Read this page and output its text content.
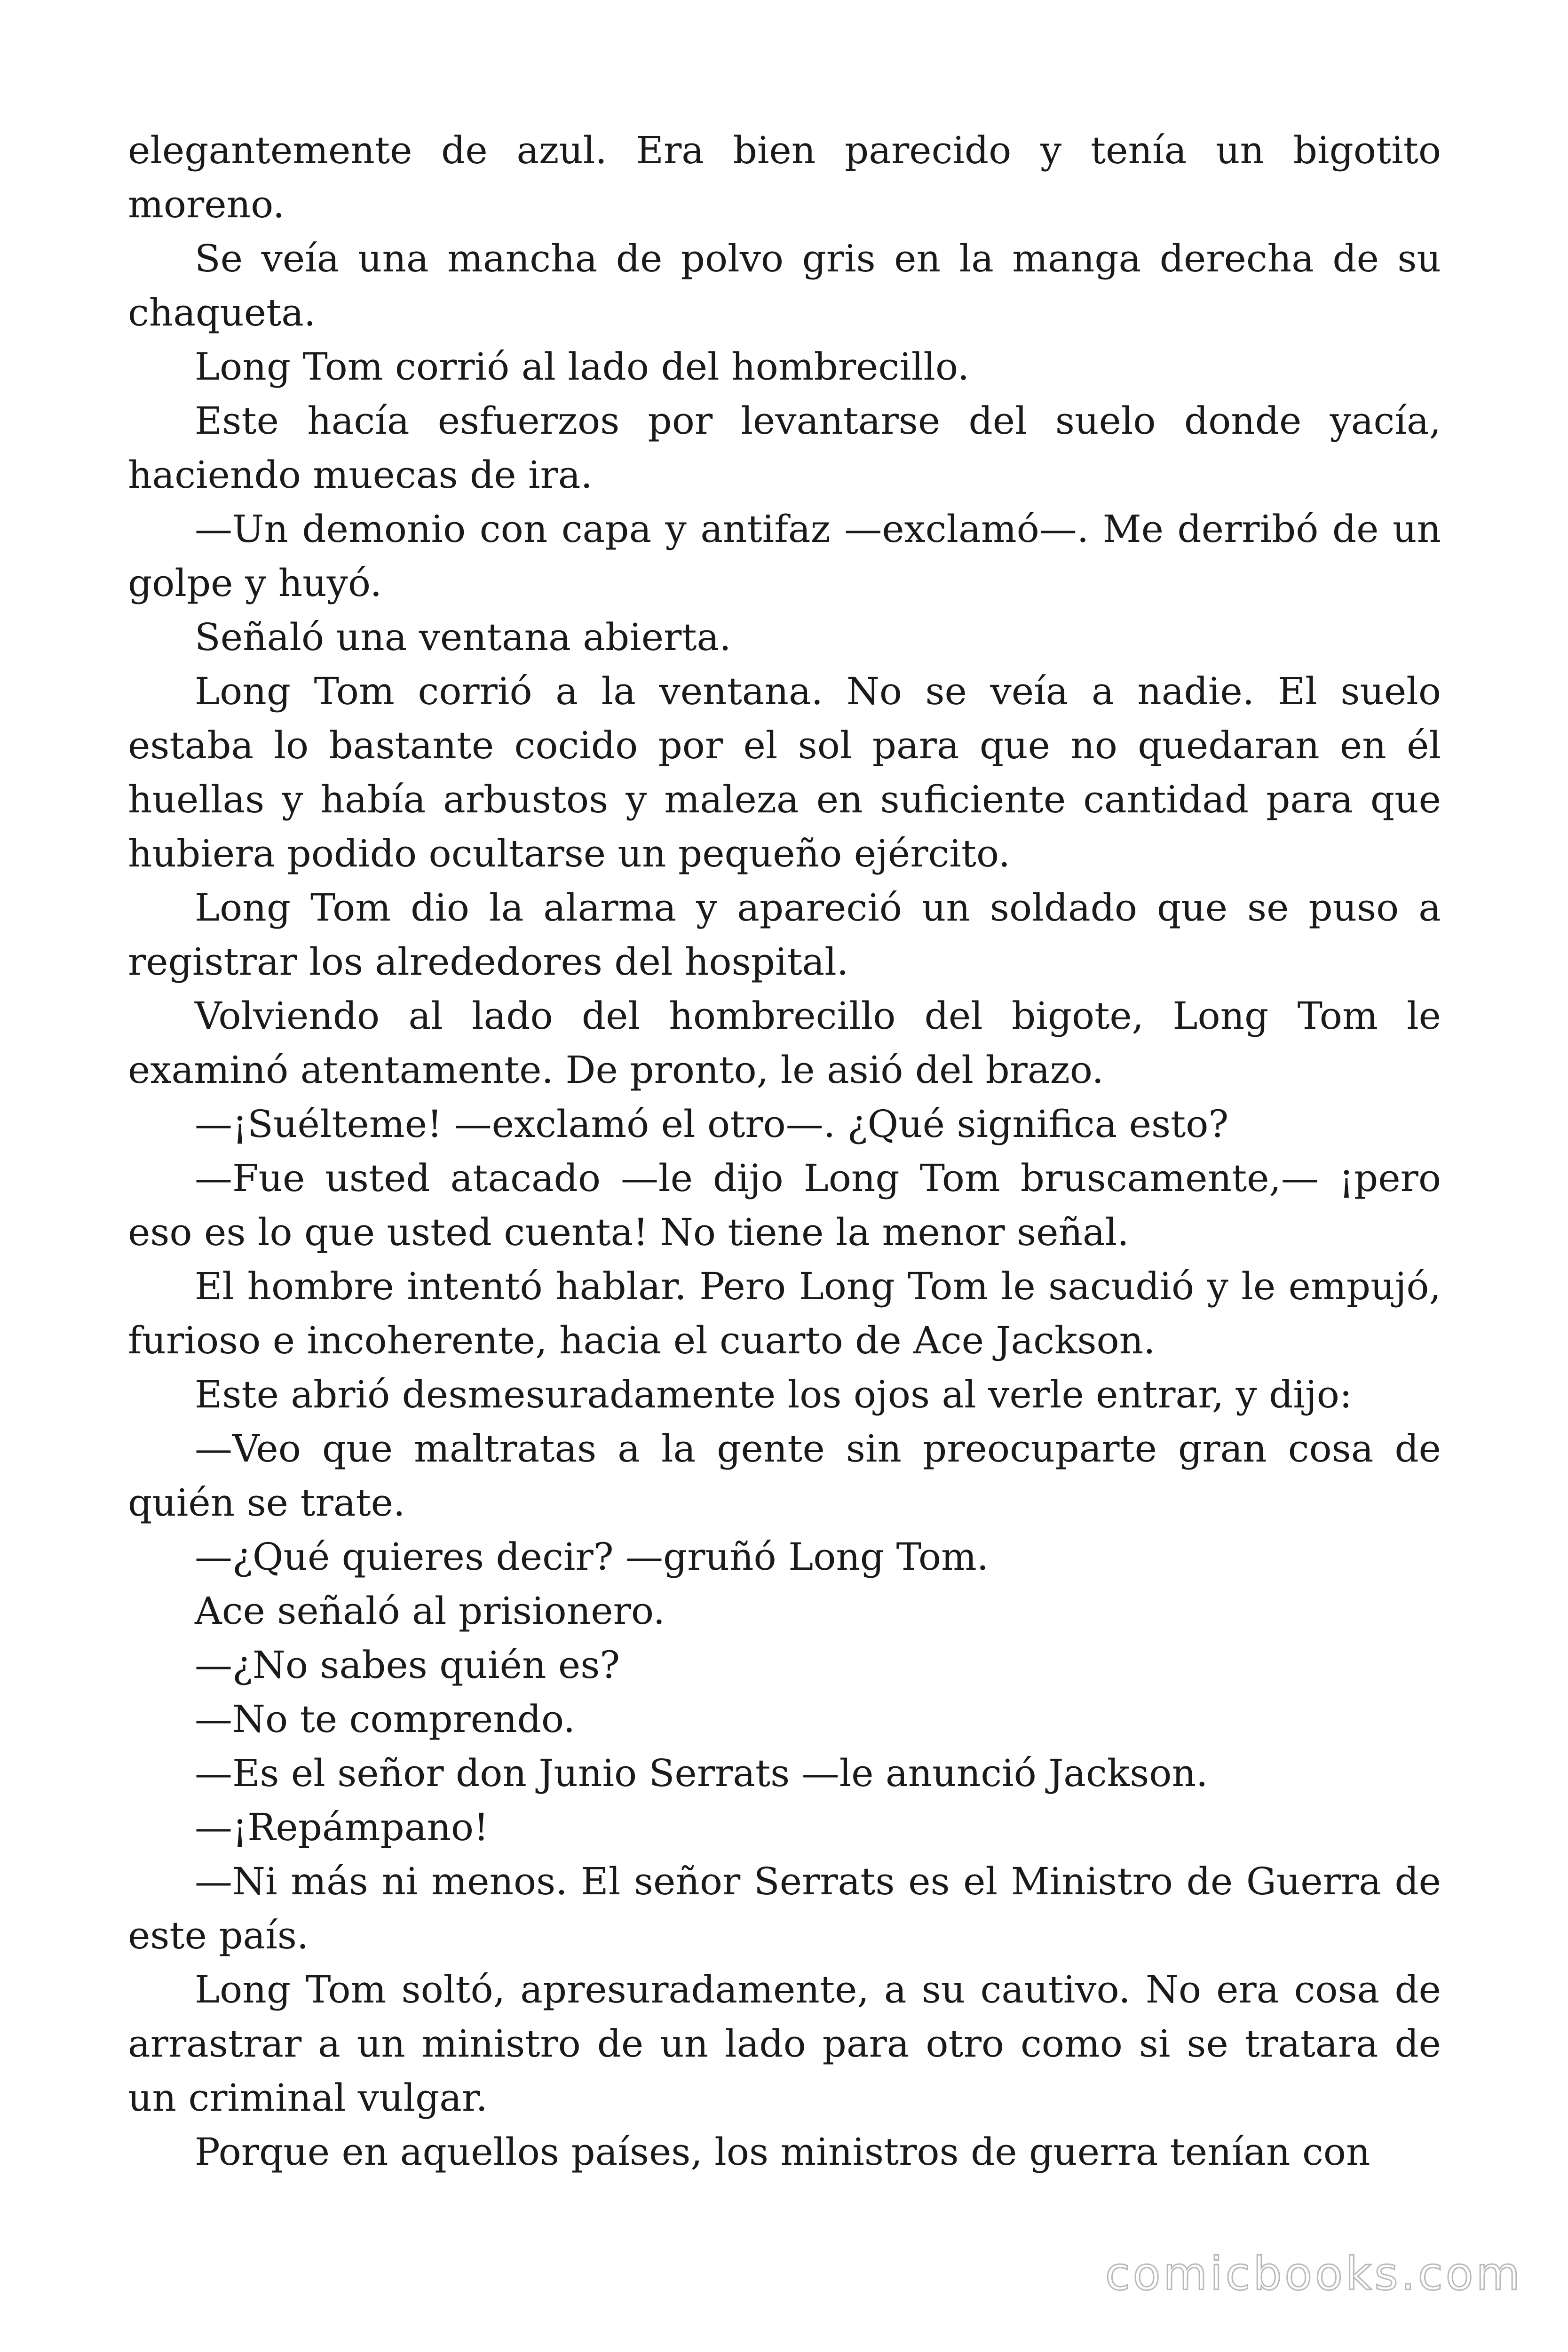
elegantemente de azul. Era bien parecido y tenía un bigotito moreno.

Se veía una mancha de polvo gris en la manga derecha de su chaqueta.

Long Tom corrió al lado del hombrecillo.

Este hacía esfuerzos por levantarse del suelo donde yacía, haciendo muecas de ira.

—Un demonio con capa y antifaz —exclamó—. Me derribó de un golpe y huyó.

Señaló una ventana abierta.

Long Tom corrió a la ventana. No se veía a nadie. El suelo estaba lo bastante cocido por el sol para que no quedaran en él huellas y había arbustos y maleza en suficiente cantidad para que hubiera podido ocultarse un pequeño ejército.

Long Tom dio la alarma y apareció un soldado que se puso a registrar los alrededores del hospital.

Volviendo al lado del hombrecillo del bigote, Long Tom le examinó atentamente. De pronto, le asió del brazo.

—¡Suélteme! —exclamó el otro—. ¿Qué significa esto?

—Fue usted atacado —le dijo Long Tom bruscamente,— ¡pero eso es lo que usted cuenta! No tiene la menor señal.

El hombre intentó hablar. Pero Long Tom le sacudió y le empujó, furioso e incoherente, hacia el cuarto de Ace Jackson.

Este abrió desmesuradamente los ojos al verle entrar, y dijo:

—Veo que maltratas a la gente sin preocuparte gran cosa de quién se trate.

—¿Qué quieres decir? —gruñó Long Tom.

Ace señaló al prisionero.

—¿No sabes quién es?

—No te comprendo.

—Es el señor don Junio Serrats —le anunció Jackson.

—¡Repámpano!

—Ni más ni menos. El señor Serrats es el Ministro de Guerra de este país.

Long Tom soltó, apresuradamente, a su cautivo. No era cosa de arrastrar a un ministro de un lado para otro como si se tratara de un criminal vulgar.

Porque en aquellos países, los ministros de guerra tenían con

comicbooks.com
